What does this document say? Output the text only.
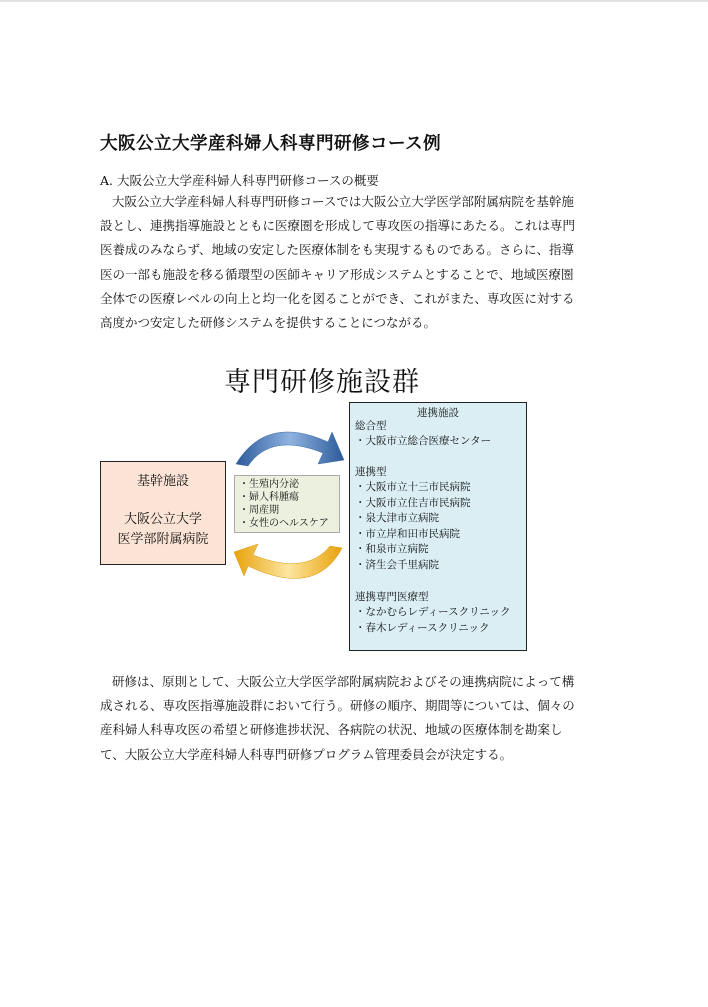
大阪公立大学産科婦人科専門研修コース例
A. 大阪公立大学産科婦人科専門研修コースの概要
大阪公立大学産科婦人科専門研修コースでは大阪公立大学医学部附属病院を基幹施
設とし、連携指導施設とともに医療圏を形成して専攻医の指導にあたる。これは専門
医養成のみならず、地域の安定した医療体制をも実現するものである。さらに、指導
医の一部も施設を移る循環型の医師キャリア形成システムとすることで、地域医療圏
全体での医療レベルの向上と均一化を図ることができ、これがまた、専攻医に対する
高度かつ安定した研修システムを提供することにつながる。
専門研修施設群
基幹施設
大阪公立大学
医学部附属病院
・生殖内分泌
・婦人科腫瘍
・周産期
・女性のヘルスケア
連携施設
総合型
・大阪市立総合医療センター
連携型
・大阪市立十三市民病院
・大阪市立住吉市民病院
・泉大津市立病院
・市立岸和田市民病院
・和泉市立病院
・済生会千里病院
連携専門医療型
・なかむらレディースクリニック
・春木レディースクリニック
研修は、原則として、大阪公立大学医学部附属病院およびその連携病院によって構
成される、専攻医指導施設群において行う。研修の順序、期間等については、個々の
産科婦人科専攻医の希望と研修進捗状況、各病院の状況、地域の医療体制を勘案し
て、大阪公立大学産科婦人科専門研修プログラム管理委員会が決定する。
